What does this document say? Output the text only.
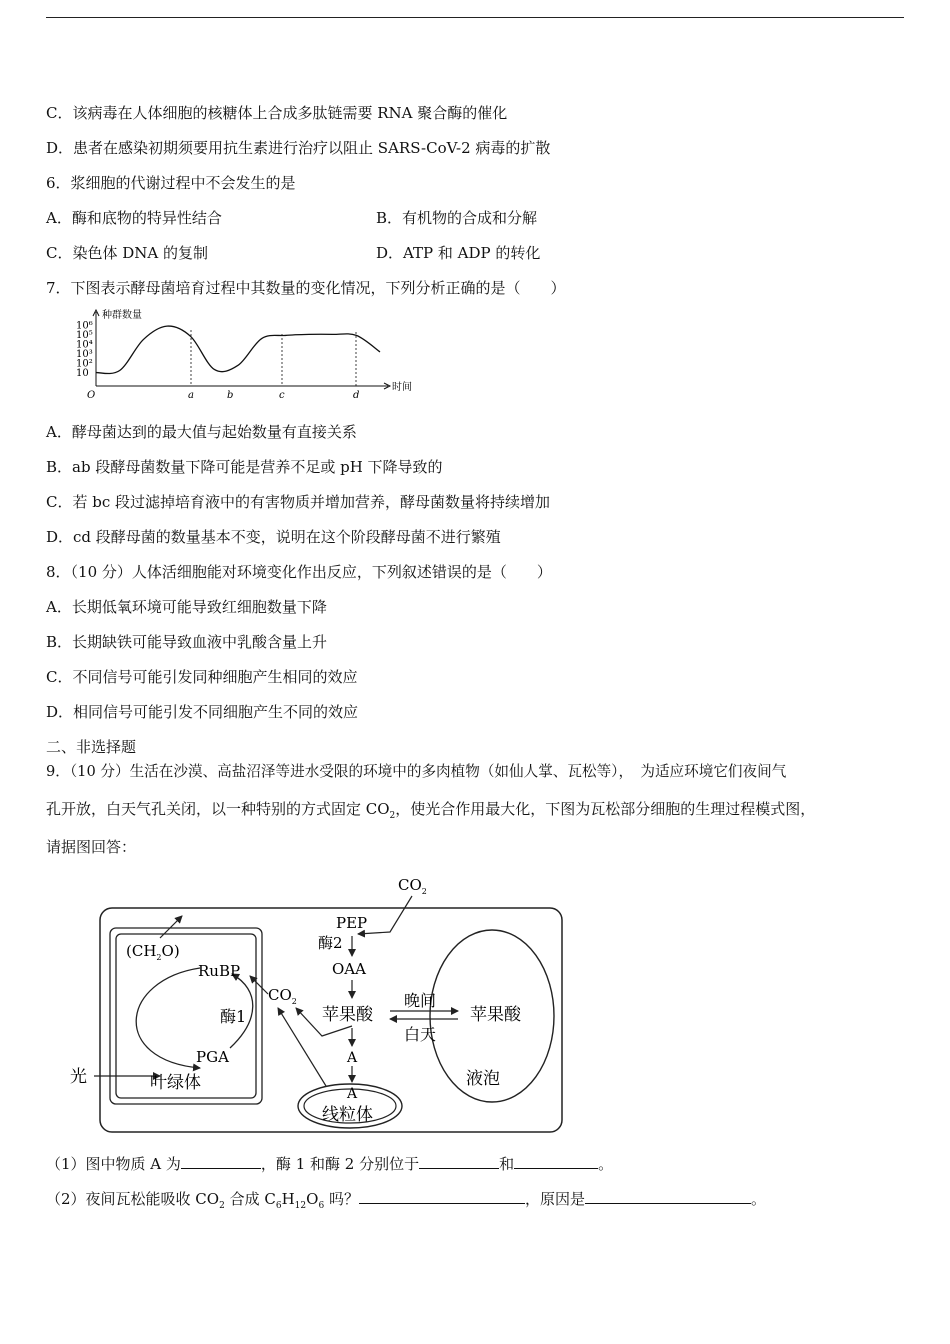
C．该病毒在人体细胞的核糖体上合成多肽链需要 RNA 聚合酶的催化
D．患者在感染初期须要用抗生素进行治疗以阻止 SARS-CoV-2 病毒的扩散
6．浆细胞的代谢过程中不会发生的是
A．酶和底物的特异性结合	B．有机物的合成和分解
C．染色体 DNA 的复制	D．ATP 和 ADP 的转化
7．下图表示酵母菌培育过程中其数量的变化情况，下列分析正确的是（　　）
种群数量
时间
10
10²
10³
10⁴
10⁵
10⁶
O	a	b	c	d
A．酵母菌达到的最大值与起始数量有直接关系
B．ab 段酵母菌数量下降可能是营养不足或 pH 下降导致的
C．若 bc 段过滤掉培育液中的有害物质并增加营养，酵母菌数量将持续增加
D．cd 段酵母菌的数量基本不变，说明在这个阶段酵母菌不进行繁殖
8．（10 分）人体活细胞能对环境变化作出反应，下列叙述错误的是（　　）
A．长期低氧环境可能导致红细胞数量下降
B．长期缺铁可能导致血液中乳酸含量上升
C．不同信号可能引发同种细胞产生相同的效应
D．相同信号可能引发不同细胞产生不同的效应
二、非选择题
9．（10 分）生活在沙漠、高盐沼泽等进水受限的环境中的多肉植物（如仙人掌、瓦松等），　为适应环境它们夜间气
孔开放，白天气孔关闭，以一种特别的方式固定 $CO_2$，使光合作用最大化，下图为瓦松部分细胞的生理过程模式图，
请据图回答：
$CO_2$
PEP
酶2
OAA
苹果酸
晚间
白天
苹果酸
A
A
线粒体
液泡
$(CH_2O)$
RuBP
$CO_2$
酶1
PGA
光	叶绿体
（1）图中物质 A 为	，酶 1 和酶 2 分别位于	和	。
（2）夜间瓦松能吸收 $CO_2$ 合成 $C_6H_{12}O_6$ 吗？	，原因是	。
